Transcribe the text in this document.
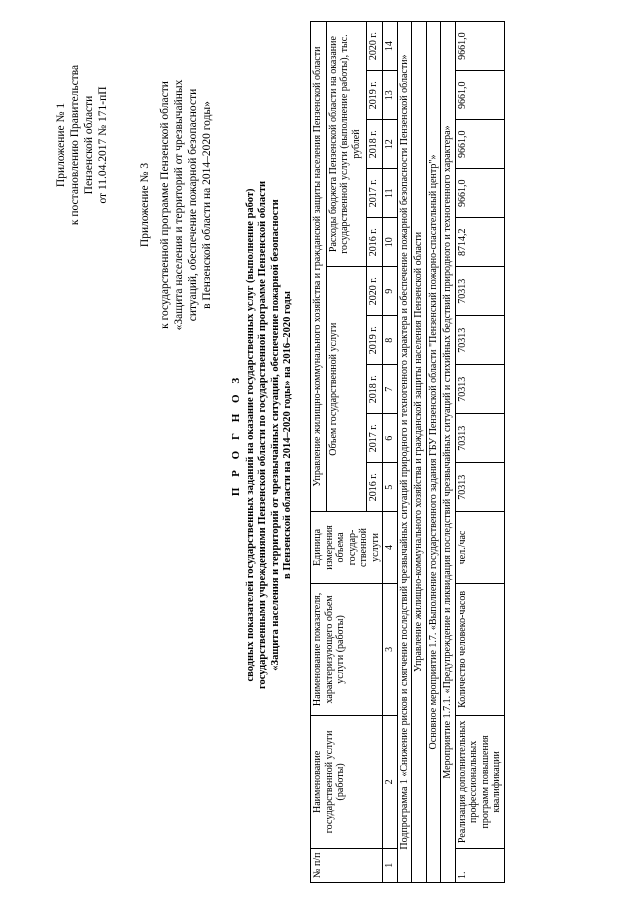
Приложение № 1 к постановлению Правительства Пензенской области от 11.04.2017 № 171-пП
Приложение № 3 к государственной программе Пензенской области «Защита населения и территорий от чрезвычайных ситуаций, обеспечение пожарной безопасности в Пензенской области на 2014–2020 годы»
П Р О Г Н О З сводных показателей государственных заданий на оказание государственных услуг (выполнение работ) государственными учреждениями Пензенской области по государственной программе Пензенской области «Защита населения и территорий от чрезвычайных ситуаций, обеспечение пожарной безопасности в Пензенской области на 2014–2020 годы» на 2016–2020 годы
№ п/п	Наименование государственной услуги (работы)	Наименование показателя, характеризующего объем услуги (работы)	Единица измерения объема государ-ственной услуги	Управление жилищно-коммунального хозяйства и гражданской защиты населения Пензенской области									
				Объем государственной услуги					Расходы бюджета Пензенской области на оказание государственной услуги (выполнение работы), тыс. рублей				
				2016 г.	2017 г.	2018 г.	2019 г.	2020 г.	2016 г.	2017 г.	2018 г.	2019 г.	2020 г.
1	2	3	4	5	6	7	8	9	10	11	12	13	14
Подпрограмма 1 «Снижение рисков и смягчение последствий чрезвычайных ситуаций природного и техногенного характера и обеспечение пожарной безопасности Пензенской области»													
Управление жилищно-коммунального хозяйства и гражданской защиты населения Пензенской области													
Основное мероприятие 1.7. «Выполнение государственного задания ГБУ Пензенской области "Пензенский пожарно-спасательный центр"»													
Мероприятие 1.7.1. «Предупреждение и ликвидация последствий чрезвычайных ситуаций и стихийных бедствий природного и техногенного характера»													
1.	Реализация дополнительных профессиональных программ повышения квалификации	Количество человеко-часов	чел./час	70313	70313	70313	70313	70313	8714,2	9661,0	9661,0	9661,0	9661,0
